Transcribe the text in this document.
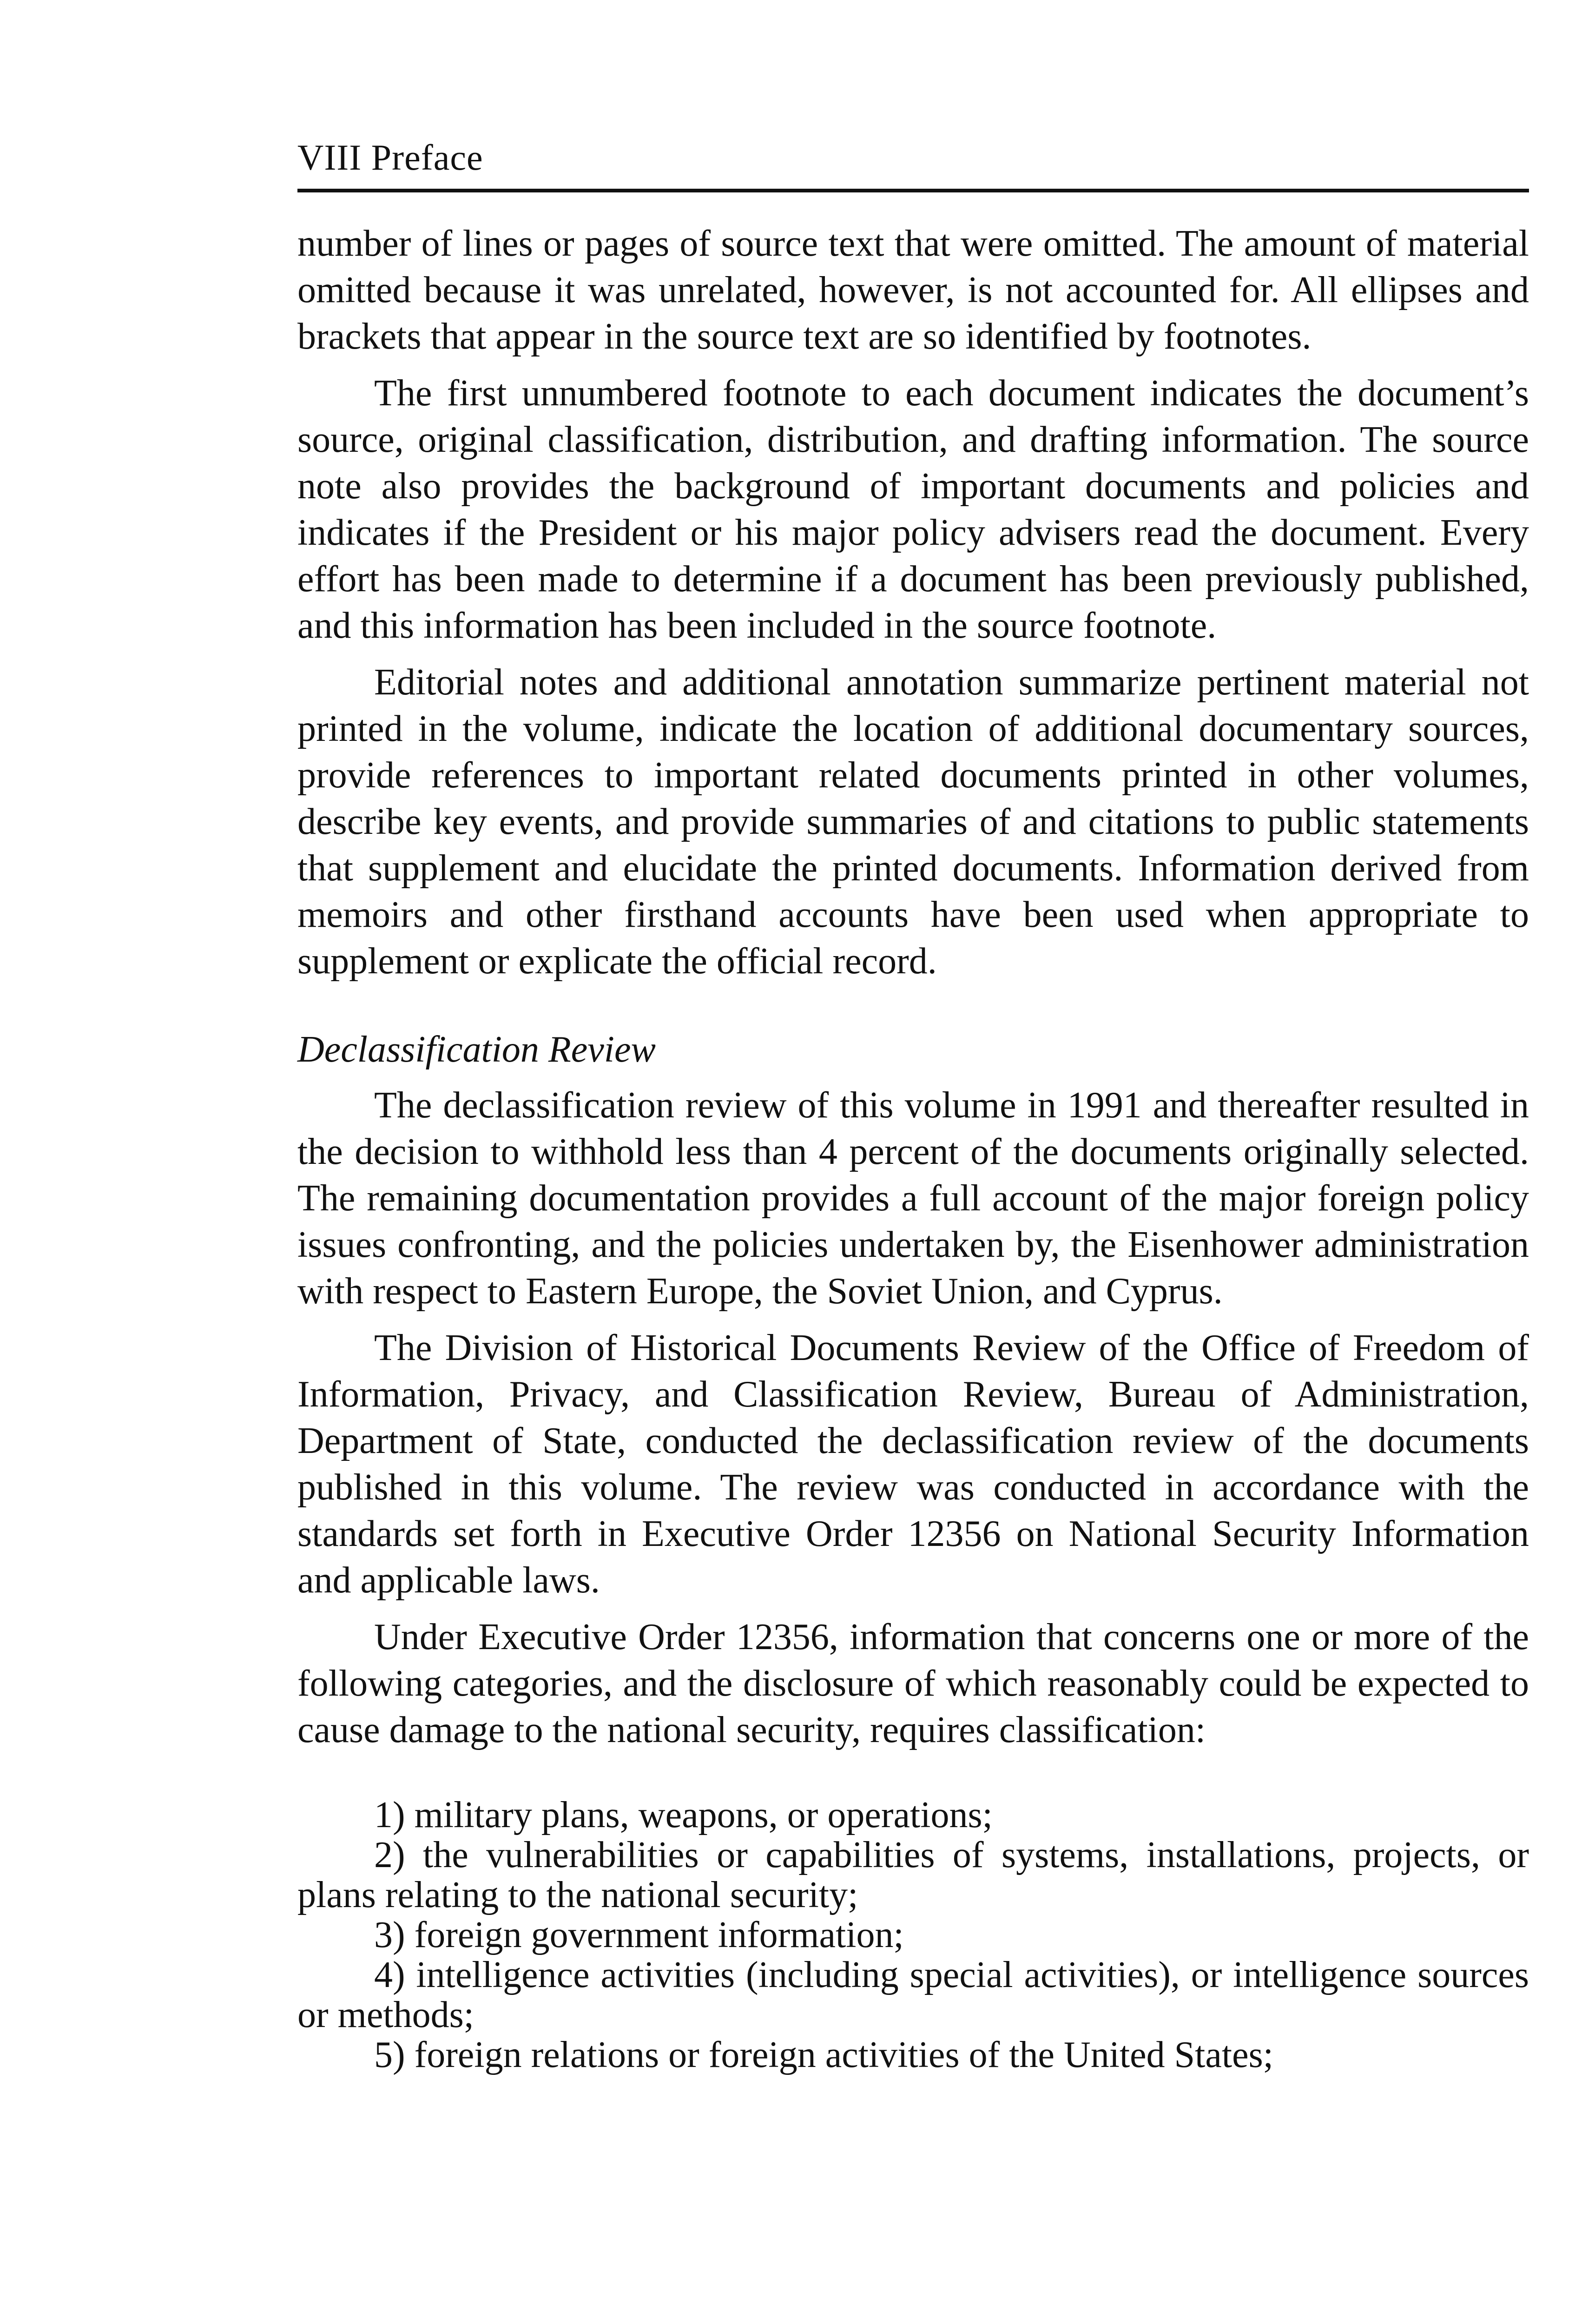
VIII Preface

number of lines or pages of source text that were omitted. The amount of material omitted because it was unrelated, however, is not accounted for. All ellipses and brackets that appear in the source text are so identified by footnotes.

The first unnumbered footnote to each document indicates the document’s source, original classification, distribution, and drafting information. The source note also provides the background of important documents and policies and indicates if the President or his major policy advisers read the document. Every effort has been made to determine if a document has been previously published, and this information has been included in the source footnote.

Editorial notes and additional annotation summarize pertinent material not printed in the volume, indicate the location of additional documentary sources, provide references to important related documents printed in other volumes, describe key events, and provide summaries of and citations to public statements that supplement and elucidate the printed documents. Information derived from memoirs and other firsthand accounts have been used when appropriate to supplement or explicate the official record.

Declassification Review

The declassification review of this volume in 1991 and thereafter resulted in the decision to withhold less than 4 percent of the documents originally selected. The remaining documentation provides a full account of the major foreign policy issues confronting, and the policies undertaken by, the Eisenhower administration with respect to Eastern Europe, the Soviet Union, and Cyprus.

The Division of Historical Documents Review of the Office of Freedom of Information, Privacy, and Classification Review, Bureau of Administration, Department of State, conducted the declassification review of the documents published in this volume. The review was conducted in accordance with the standards set forth in Executive Order 12356 on National Security Information and applicable laws.

Under Executive Order 12356, information that concerns one or more of the following categories, and the disclosure of which reasonably could be expected to cause damage to the national security, requires classification:

1) military plans, weapons, or operations;
2) the vulnerabilities or capabilities of systems, installations, projects, or plans relating to the national security;
3) foreign government information;
4) intelligence activities (including special activities), or intelligence sources or methods;
5) foreign relations or foreign activities of the United States;
